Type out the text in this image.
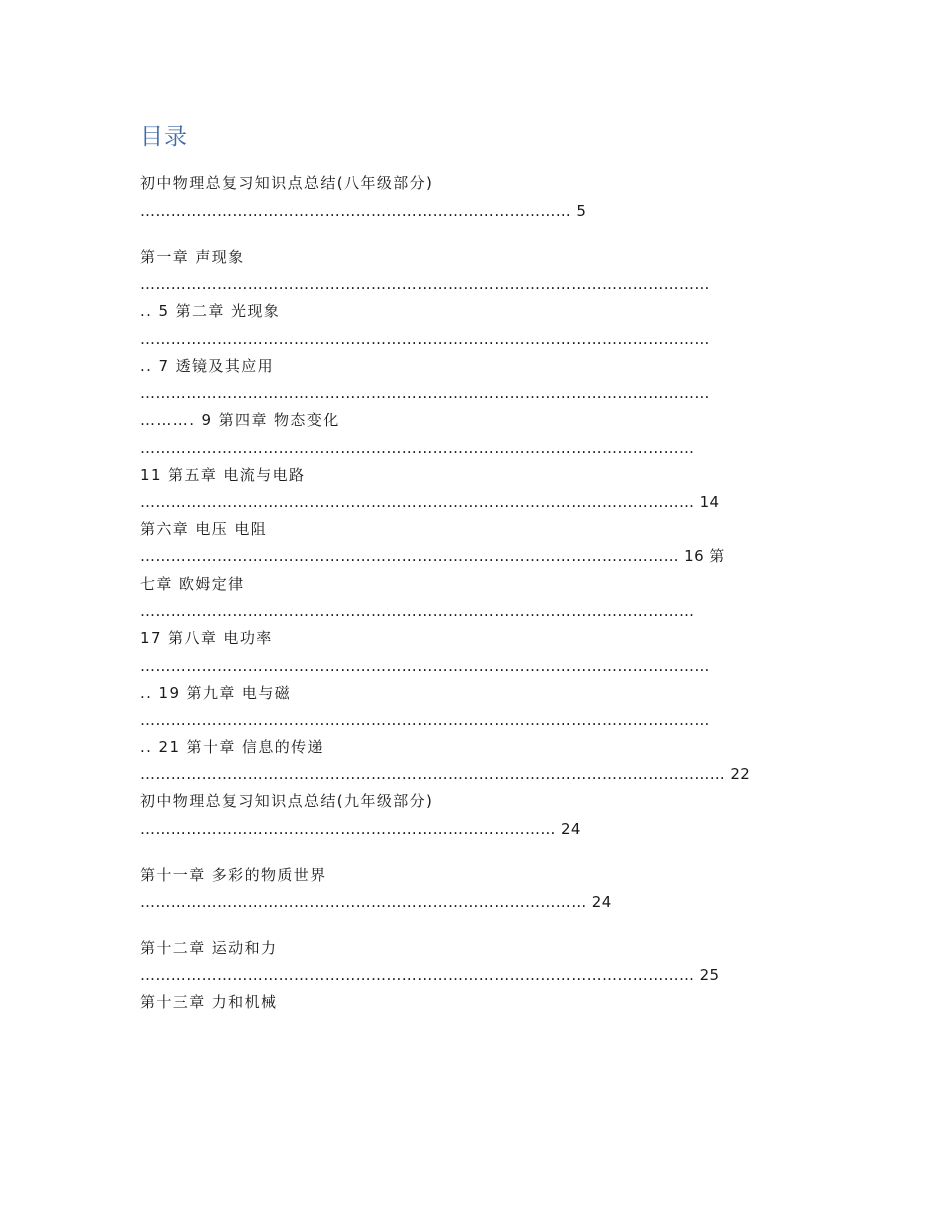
目录
初中物理总复习知识点总结(八年级部分)
………………………………………………………………………… 5
第一章 声现象
…………………………………………………………………………………………………
.. 5 第二章 光现象
…………………………………………………………………………………………………
.. 7 透镜及其应用
…………………………………………………………………………………………………
………. 9 第四章 物态变化
………………………………………………………………………………………………
11 第五章 电流与电路
……………………………………………………………………………………………… 14
第六章 电压 电阻
…………………………………………………………………………………………… 16 第
七章 欧姆定律
………………………………………………………………………………………………
17 第八章 电功率
…………………………………………………………………………………………………
.. 19 第九章 电与磁
…………………………………………………………………………………………………
.. 21 第十章 信息的传递
…………………………………………………………………………………………………… 22
初中物理总复习知识点总结(九年级部分)
……………………………………………………………………… 24
第十一章 多彩的物质世界
…………………………………………………………………………… 24
第十二章 运动和力
……………………………………………………………………………………………… 25
第十三章 力和机械
